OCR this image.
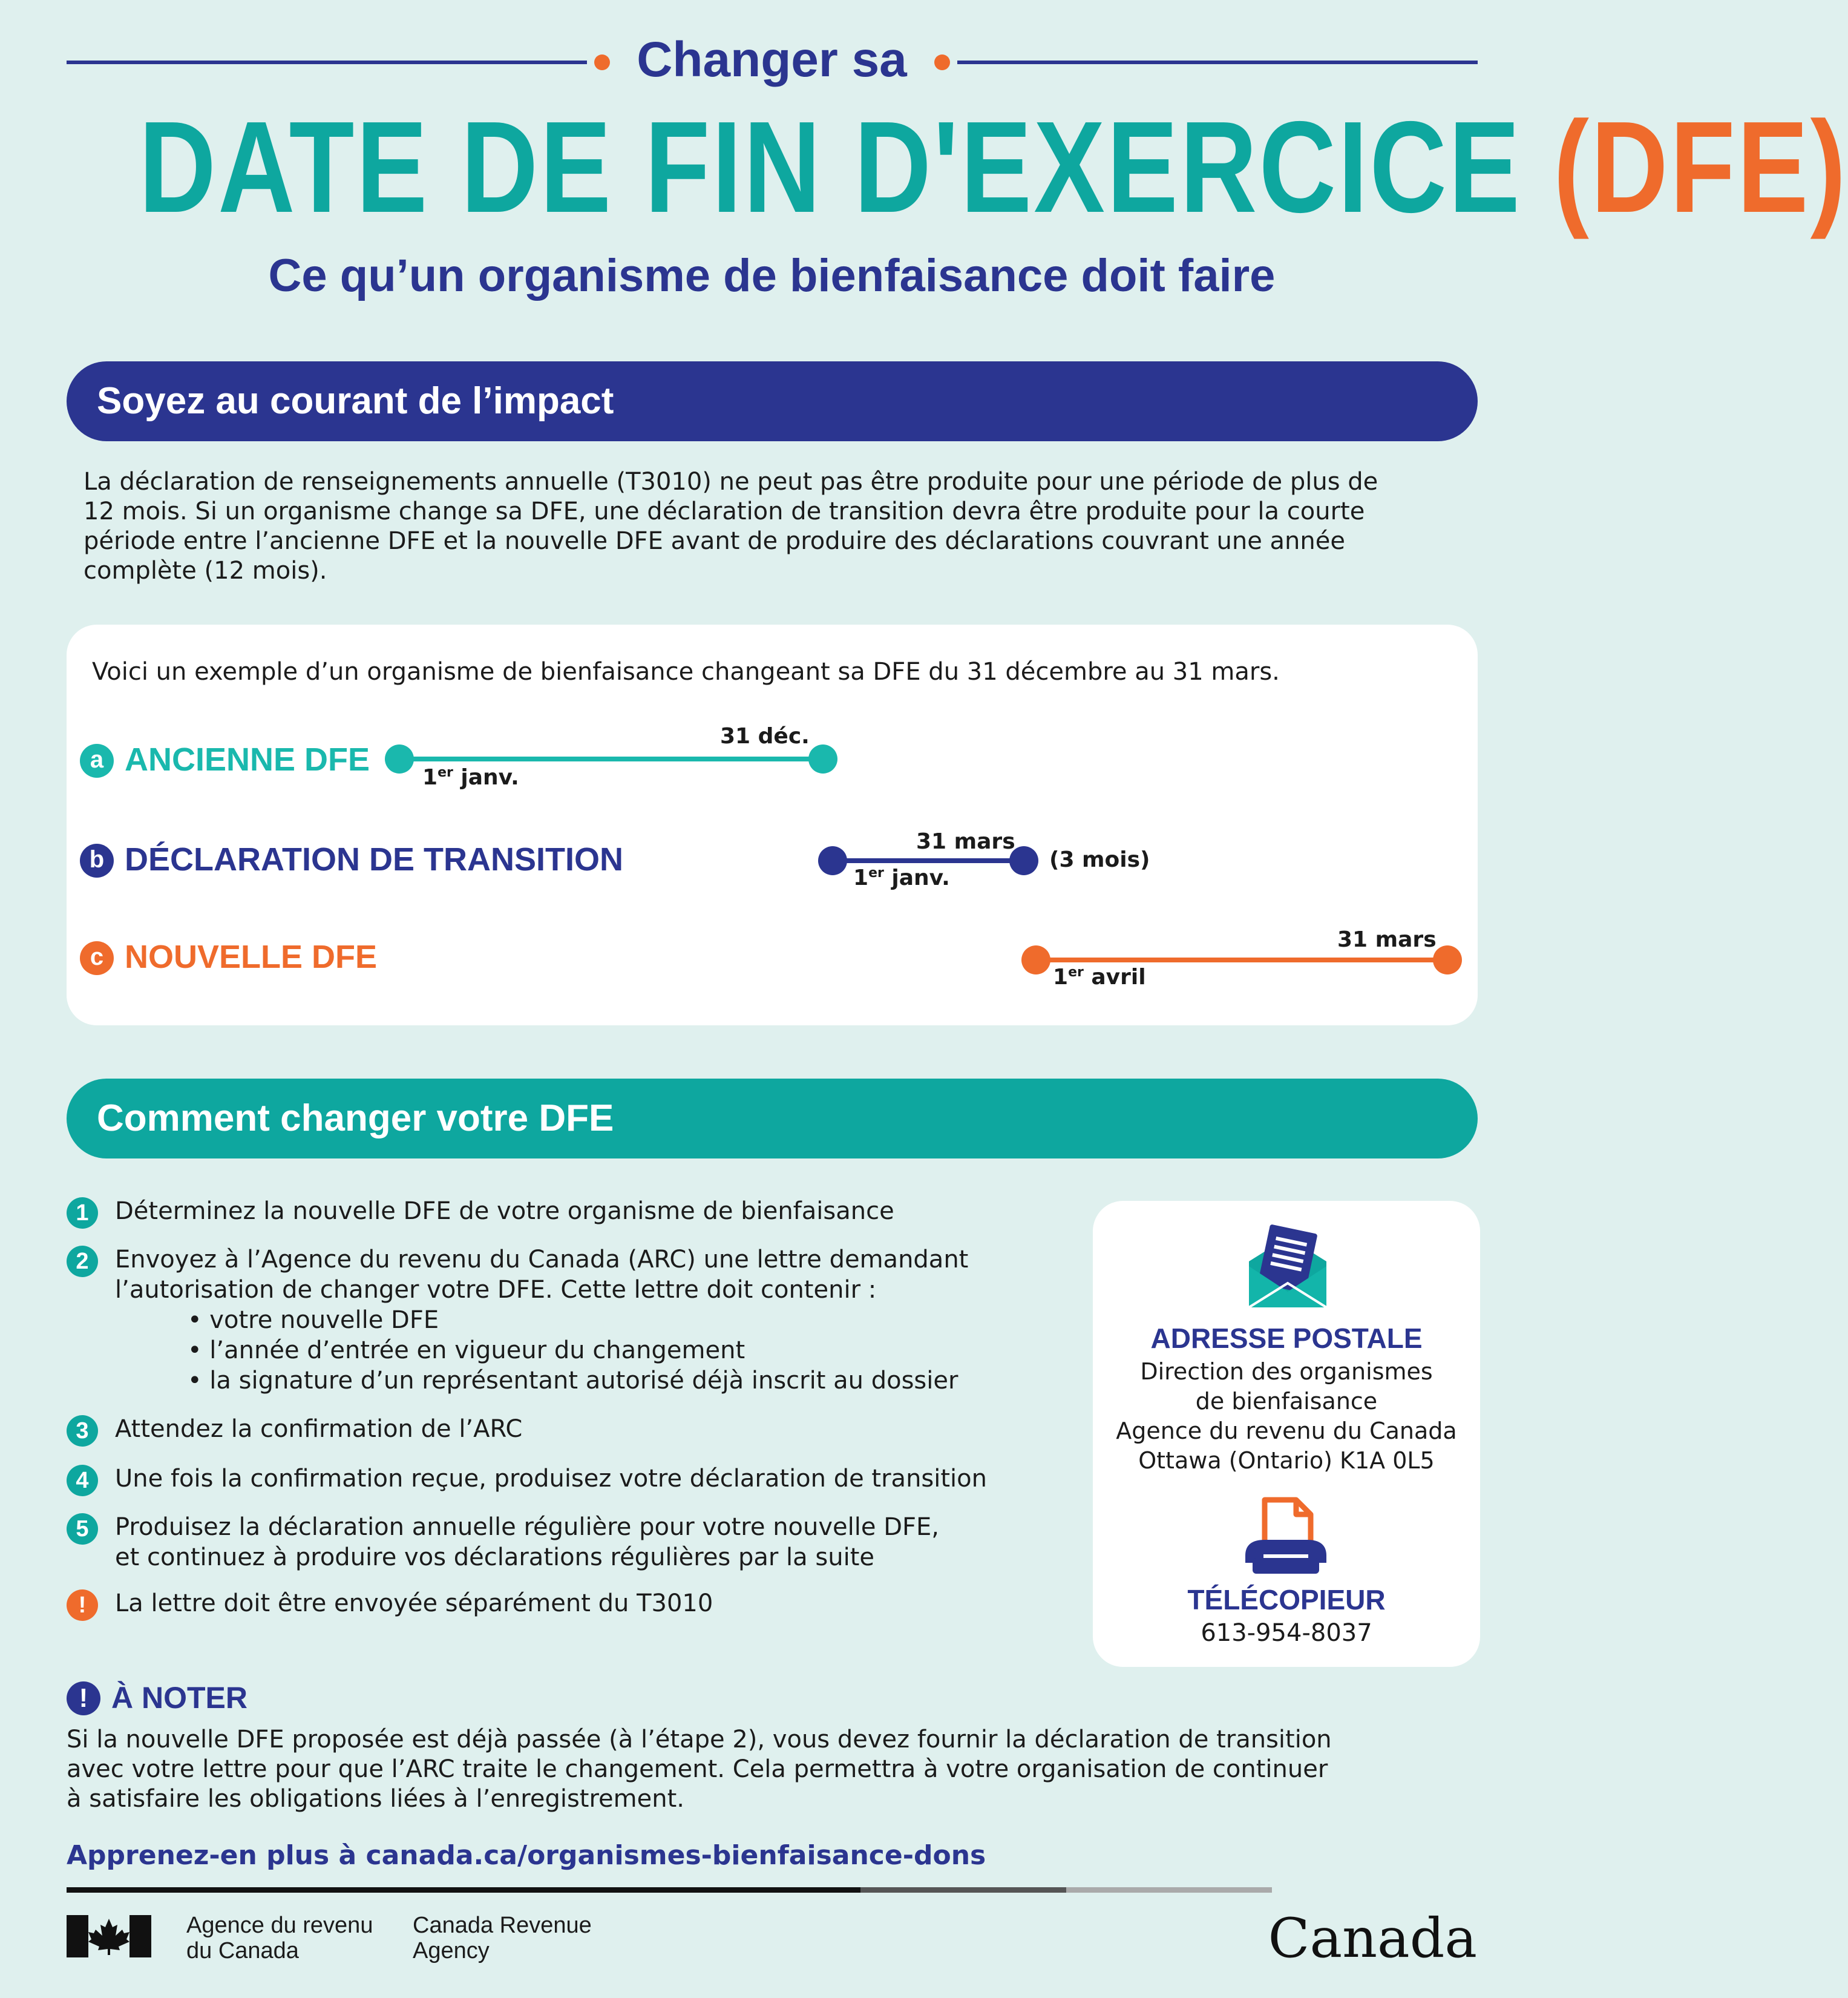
Changer sa
DATE DE FIN D'EXERCICE (DFE)
Ce qu’un organisme de bienfaisance doit faire
Soyez au courant de l’impact
La déclaration de renseignements annuelle (T3010) ne peut pas être produite pour une période de plus de
12 mois. Si un organisme change sa DFE, une déclaration de transition devra être produite pour la courte
période entre l’ancienne DFE et la nouvelle DFE avant de produire des déclarations couvrant une année
complète (12 mois).
Voici un exemple d’un organisme de bienfaisance changeant sa DFE du 31 décembre au 31 mars.
a ANCIENNE DFE
31 déc.
1er janv.
b DÉCLARATION DE TRANSITION	31 mars
1er janv.
(3 mois)
c NOUVELLE DFE	31 mars
1er avril
Comment changer votre DFE
1	Déterminez la nouvelle DFE de votre organisme de bienfaisance
2	Envoyez à l’Agence du revenu du Canada (ARC) une lettre demandant
l’autorisation de changer votre DFE. Cette lettre doit contenir :
• votre nouvelle DFE
• l’année d’entrée en vigueur du changement
• la signature d’un représentant autorisé déjà inscrit au dossier
3	Attendez la confirmation de l’ARC
4	Une fois la confirmation reçue, produisez votre déclaration de transition
5	Produisez la déclaration annuelle régulière pour votre nouvelle DFE,
et continuez à produire vos déclarations régulières par la suite
!	La lettre doit être envoyée séparément du T3010
ADRESSE POSTALE
Direction des organismes
de bienfaisance
Agence du revenu du Canada
Ottawa (Ontario) K1A 0L5
TÉLÉCOPIEUR
613-954-8037
! À NOTER
Si la nouvelle DFE proposée est déjà passée (à l’étape 2), vous devez fournir la déclaration de transition
avec votre lettre pour que l’ARC traite le changement. Cela permettra à votre organisation de continuer
à satisfaire les obligations liées à l’enregistrement.
Apprenez-en plus à canada.ca/organismes-bienfaisance-dons
Agence du revenu
du Canada
Canada Revenue
Agency	Canada
